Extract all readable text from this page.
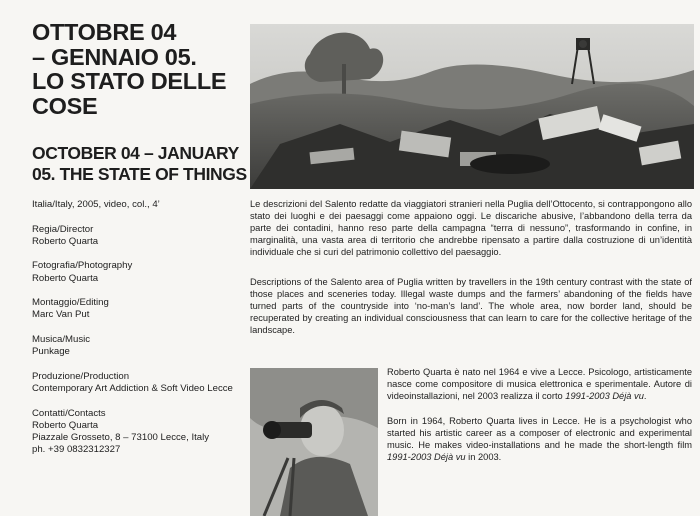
OTTOBRE 04
– GENNAIO 05.
LO STATO DELLE
COSE
OCTOBER 04 – JANUARY
05. THE STATE OF THINGS
Italia/Italy, 2005, video, col., 4’
Regia/Director
Roberto Quarta
Fotografia/Photography
Roberto Quarta
Montaggio/Editing
Marc Van Put
Musica/Music
Punkage
Produzione/Production
Contemporary Art Addiction & Soft Video Lecce
Contatti/Contacts
Roberto Quarta
Piazzale Grosseto, 8 – 73100 Lecce, Italy
ph. +39 0832312327

Le descrizioni del Salento redatte da viaggiatori stranieri nella Puglia dell’Ottocento, si contrappongono allo stato dei luoghi e dei paesaggi come appaiono oggi. Le discariche abusive, l’abbandono della terra da parte dei contadini, hanno reso parte della campagna “terra di nessuno”, trasformando in confine, in marginalità, una vasta area di territorio che andrebbe ripensato a partire dalla costruzione di un’identità individuale che si curi del patrimonio collettivo del paesaggio.

Descriptions of the Salento area of Puglia written by travellers in the 19th century contrast with the state of those places and sceneries today. Illegal waste dumps and the farmers’ abandoning of the fields have turned parts of the countryside into ‘no-man’s land’. The whole area, now border land, should be recuperated by creating an individual consciousness that can learn to care for the collective heritage of the landscape.

Roberto Quarta è nato nel 1964 e vive a Lecce. Psicologo, artisticamente nasce come compositore di musica elettronica e sperimentale. Autore di videoinstallazioni, nel 2003 realizza il corto 1991-2003 Déjà vu.

Born in 1964, Roberto Quarta lives in Lecce. He is a psychologist who started his artistic career as a composer of electronic and experimental music. He makes video-installations and he made the short-length film 1991-2003 Déjà vu in 2003.
